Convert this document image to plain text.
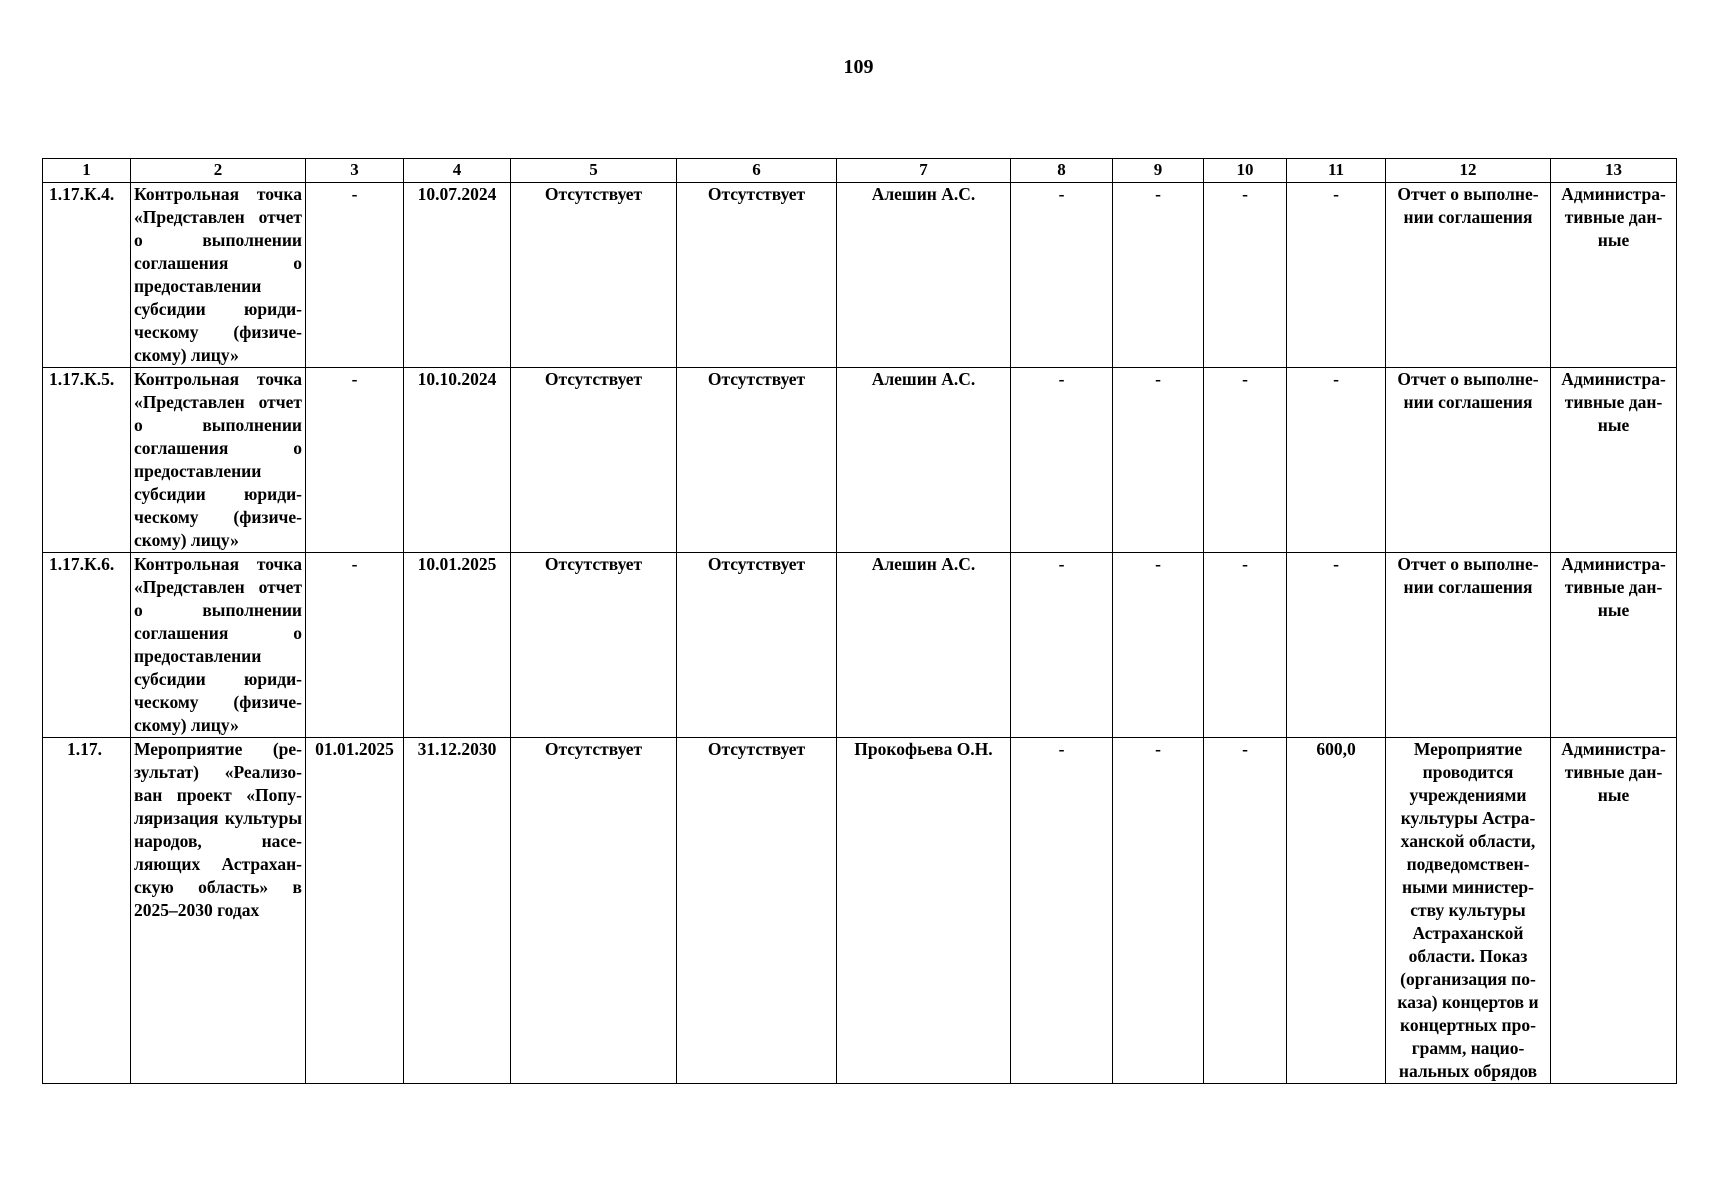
109
1	2	3	4	5	6	7	8	9	10	11	12	13
1.17.К.4.	Контрольная точка «Представлен отчет о выполнении соглашения о предоставлении субсидии юридическому (физическому) лицу»	-	10.07.2024	Отсутствует	Отсутствует	Алешин А.С.	-	-	-	-	Отчет о выполнении соглашения	Административные данные
1.17.К.5.	Контрольная точка «Представлен отчет о выполнении соглашения о предоставлении субсидии юридическому (физическому) лицу»	-	10.10.2024	Отсутствует	Отсутствует	Алешин А.С.	-	-	-	-	Отчет о выполнении соглашения	Административные данные
1.17.К.6.	Контрольная точка «Представлен отчет о выполнении соглашения о предоставлении субсидии юридическому (физическому) лицу»	-	10.01.2025	Отсутствует	Отсутствует	Алешин А.С.	-	-	-	-	Отчет о выполнении соглашения	Административные данные
1.17.	Мероприятие (результат) «Реализован проект «Популяризация культуры народов, населяющих Астраханскую область» в 2025–2030 годах	01.01.2025	31.12.2030	Отсутствует	Отсутствует	Прокофьева О.Н.	-	-	-	600,0	Мероприятие проводится учреждениями культуры Астраханской области, подведомственными министерству культуры Астраханской области. Показ (организация показа) концертов и концертных программ, национальных обрядов	Административные данные
